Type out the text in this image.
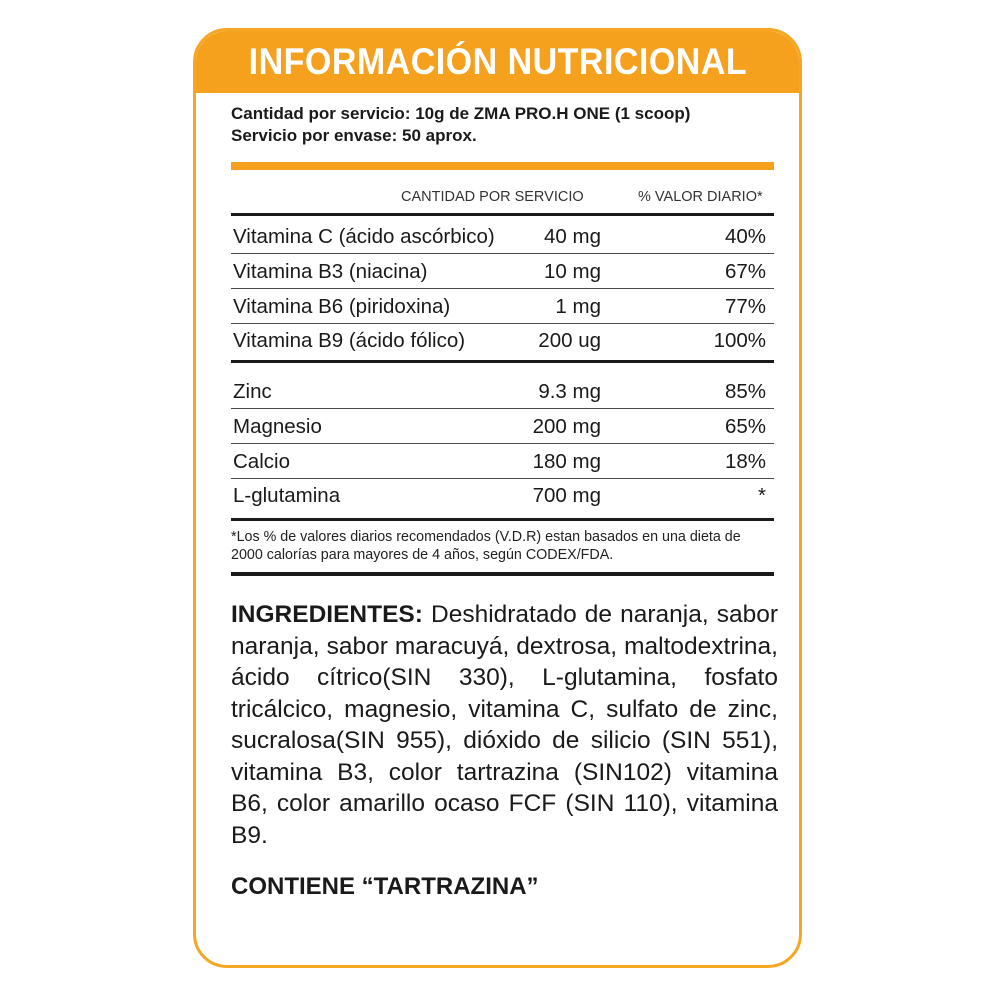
INFORMACIÓN NUTRICIONAL
Cantidad por servicio: 10g de ZMA PRO.H ONE (1 scoop)
Servicio por envase: 50 aprox.
CANTIDAD POR SERVICIO	% VALOR DIARIO*
Vitamina C (ácido ascórbico) 40 mg	40%
Vitamina B3 (niacina)	10 mg	67%
Vitamina B6 (piridoxina)	1 mg	77%
Vitamina B9 (ácido fólico)	200 ug	100%
Zinc	9.3 mg	85%
Magnesio	200 mg	65%
Calcio	180 mg	18%
L-glutamina	700 mg	*
*Los % de valores diarios recomendados (V.D.R) estan basados en una dieta de 2000 calorías para mayores de 4 años, según CODEX/FDA.
INGREDIENTES: Deshidratado de naranja, sabor naranja, sabor maracuyá, dextrosa, maltodextrina, ácido cítrico(SIN 330), L-glutamina, fosfato tricálcico, magnesio, vitamina C, sulfato de zinc, sucralosa(SIN 955), dióxido de silicio (SIN 551), vitamina B3, color tartrazina (SIN102) vitamina B6, color amarillo ocaso FCF (SIN 110), vitamina B9.
CONTIENE “TARTRAZINA”
